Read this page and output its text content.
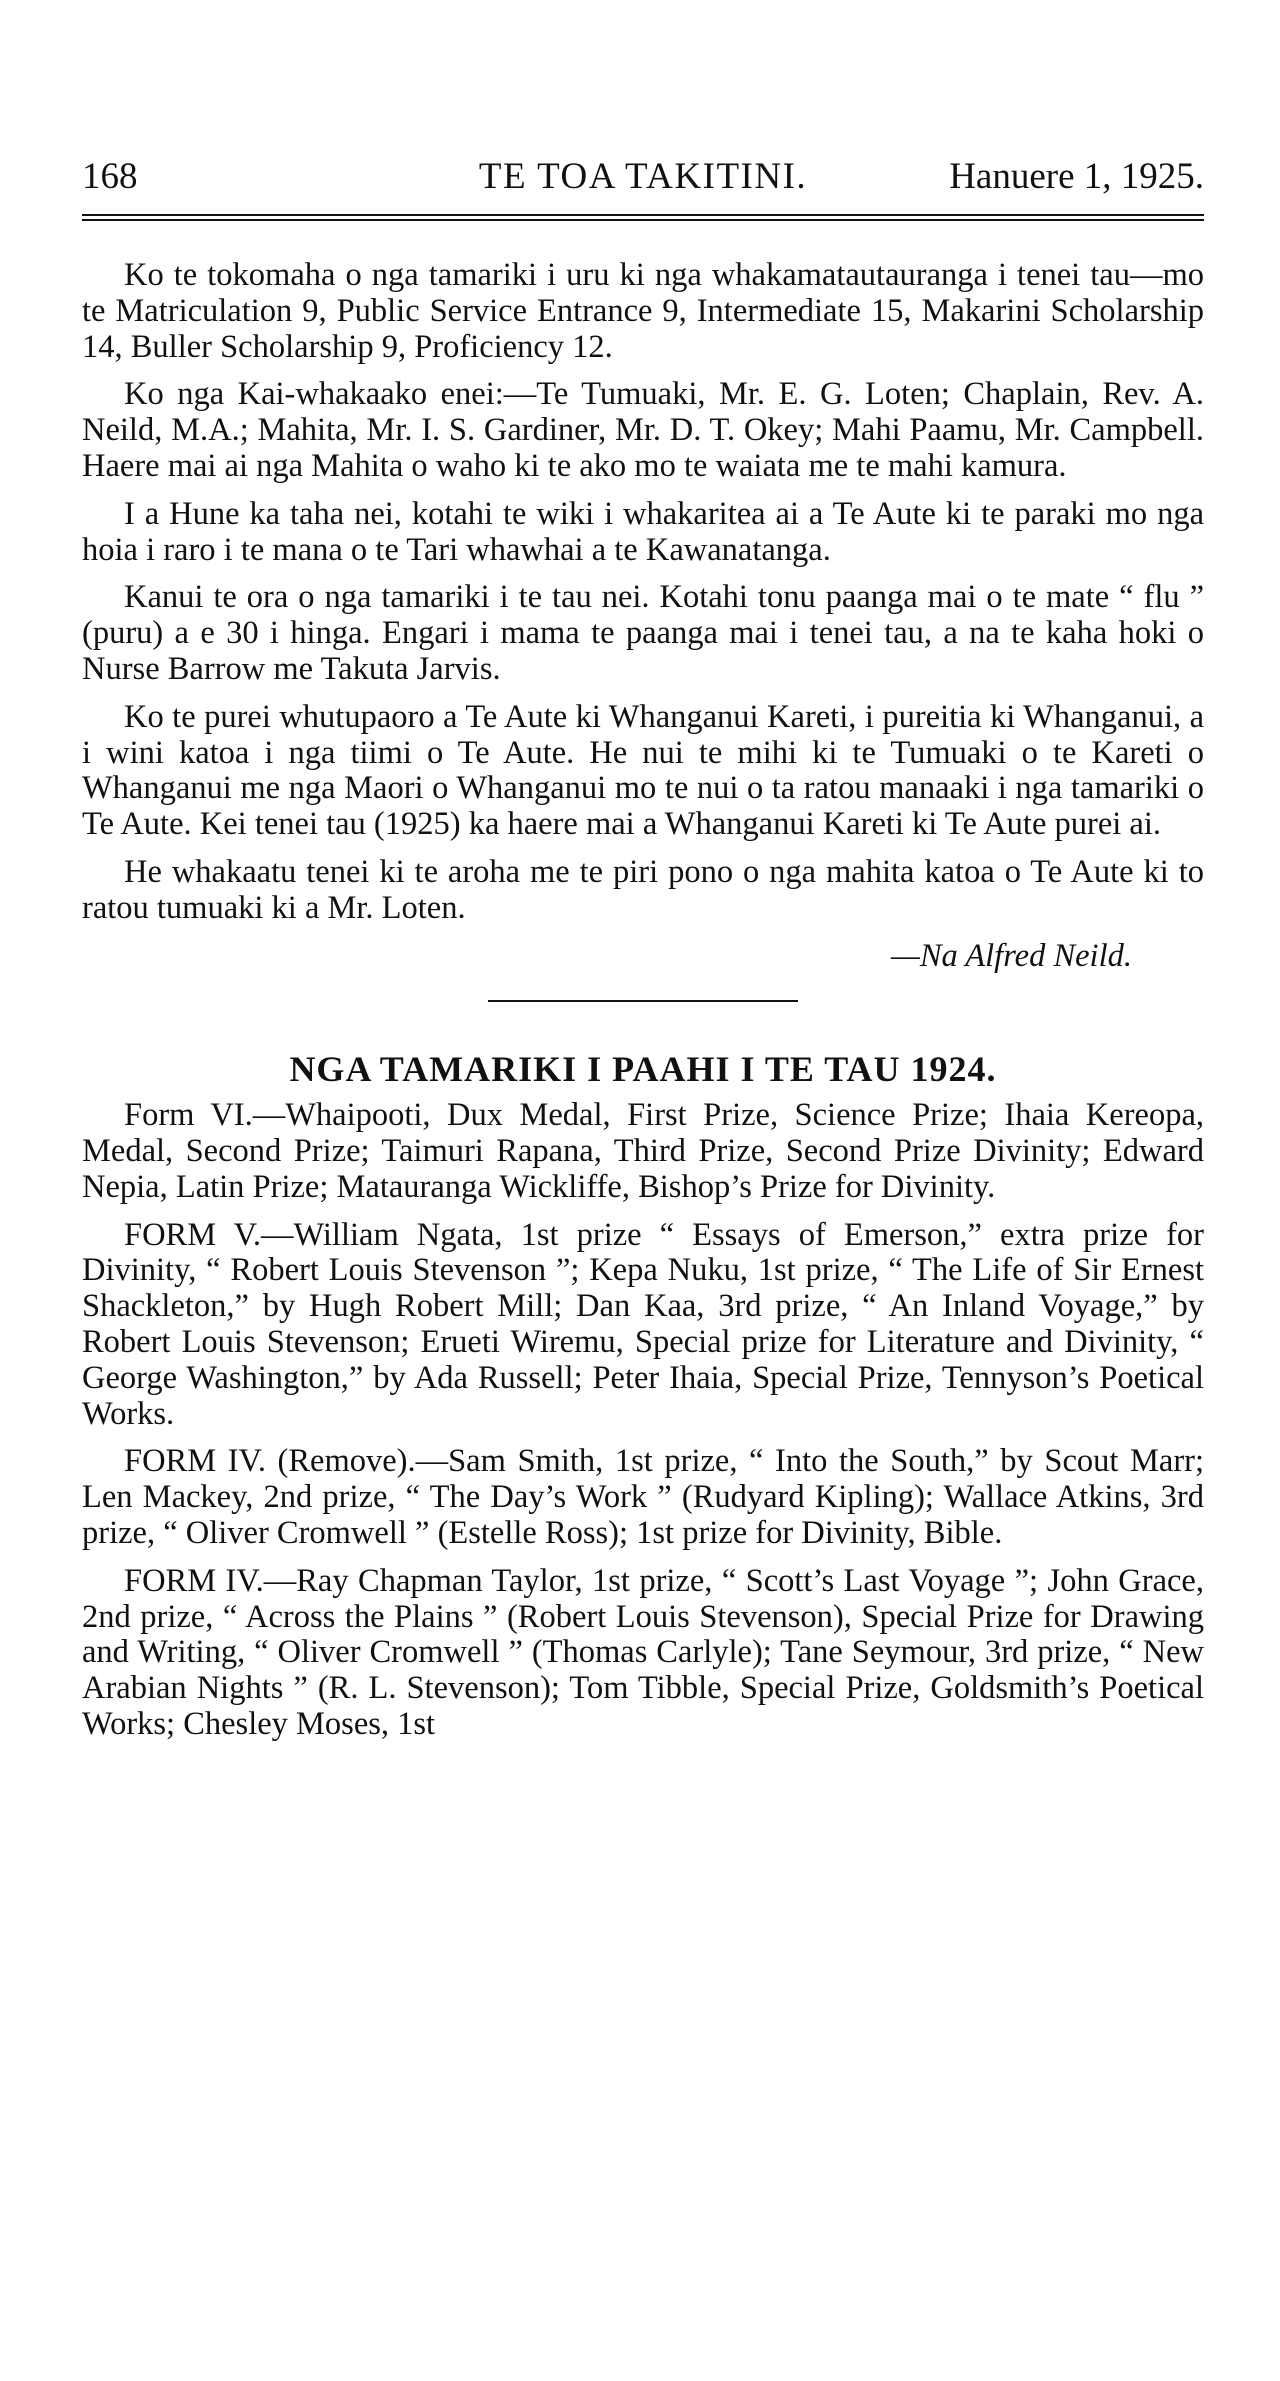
168	TE TOA TAKITINI.	Hanuere 1, 1925.

Ko te tokomaha o nga tamariki i uru ki nga whakamatautauranga i tenei tau—mo te Matriculation 9, Public Service Entrance 9, Intermediate 15, Makarini Scholarship 14, Buller Scholarship 9, Proficiency 12.

Ko nga Kai-whakaako enei:—Te Tumuaki, Mr. E. G. Loten; Chaplain, Rev. A. Neild, M.A.; Mahita, Mr. I. S. Gardiner, Mr. D. T. Okey; Mahi Paamu, Mr. Campbell. Haere mai ai nga Mahita o waho ki te ako mo te waiata me te mahi kamura.

I a Hune ka taha nei, kotahi te wiki i whakaritea ai a Te Aute ki te paraki mo nga hoia i raro i te mana o te Tari whawhai a te Kawanatanga.

Kanui te ora o nga tamariki i te tau nei. Kotahi tonu paanga mai o te mate “ flu ” (puru) a e 30 i hinga. Engari i mama te paanga mai i tenei tau, a na te kaha hoki o Nurse Barrow me Takuta Jarvis.

Ko te purei whutupaoro a Te Aute ki Whanganui Kareti, i pureitia ki Whanganui, a i wini katoa i nga tiimi o Te Aute. He nui te mihi ki te Tumuaki o te Kareti o Whanganui me nga Maori o Whanganui mo te nui o ta ratou manaaki i nga tamariki o Te Aute. Kei tenei tau (1925) ka haere mai a Whanganui Kareti ki Te Aute purei ai.

He whakaatu tenei ki te aroha me te piri pono o nga mahita katoa o Te Aute ki to ratou tumuaki ki a Mr. Loten.

—Na Alfred Neild.

NGA TAMARIKI I PAAHI I TE TAU 1924.

Form VI.—Whaipooti, Dux Medal, First Prize, Science Prize; Ihaia Kereopa, Medal, Second Prize; Taimuri Rapana, Third Prize, Second Prize Divinity; Edward Nepia, Latin Prize; Matauranga Wickliffe, Bishop’s Prize for Divinity.

FORM V.—William Ngata, 1st prize “ Essays of Emerson,” extra prize for Divinity, “ Robert Louis Stevenson ”; Kepa Nuku, 1st prize, “ The Life of Sir Ernest Shackleton,” by Hugh Robert Mill; Dan Kaa, 3rd prize, “ An Inland Voyage,” by Robert Louis Stevenson; Erueti Wiremu, Special prize for Literature and Divinity, “ George Washington,” by Ada Russell; Peter Ihaia, Special Prize, Tennyson’s Poetical Works.

FORM IV. (Remove).—Sam Smith, 1st prize, “ Into the South,” by Scout Marr; Len Mackey, 2nd prize, “ The Day’s Work ” (Rudyard Kipling); Wallace Atkins, 3rd prize, “ Oliver Cromwell ” (Estelle Ross); 1st prize for Divinity, Bible.

FORM IV.—Ray Chapman Taylor, 1st prize, “ Scott’s Last Voyage ”; John Grace, 2nd prize, “ Across the Plains ” (Robert Louis Stevenson), Special Prize for Drawing and Writing, “ Oliver Cromwell ” (Thomas Carlyle); Tane Seymour, 3rd prize, “ New Arabian Nights ” (R. L. Stevenson); Tom Tibble, Special Prize, Goldsmith’s Poetical Works; Chesley Moses, 1st
